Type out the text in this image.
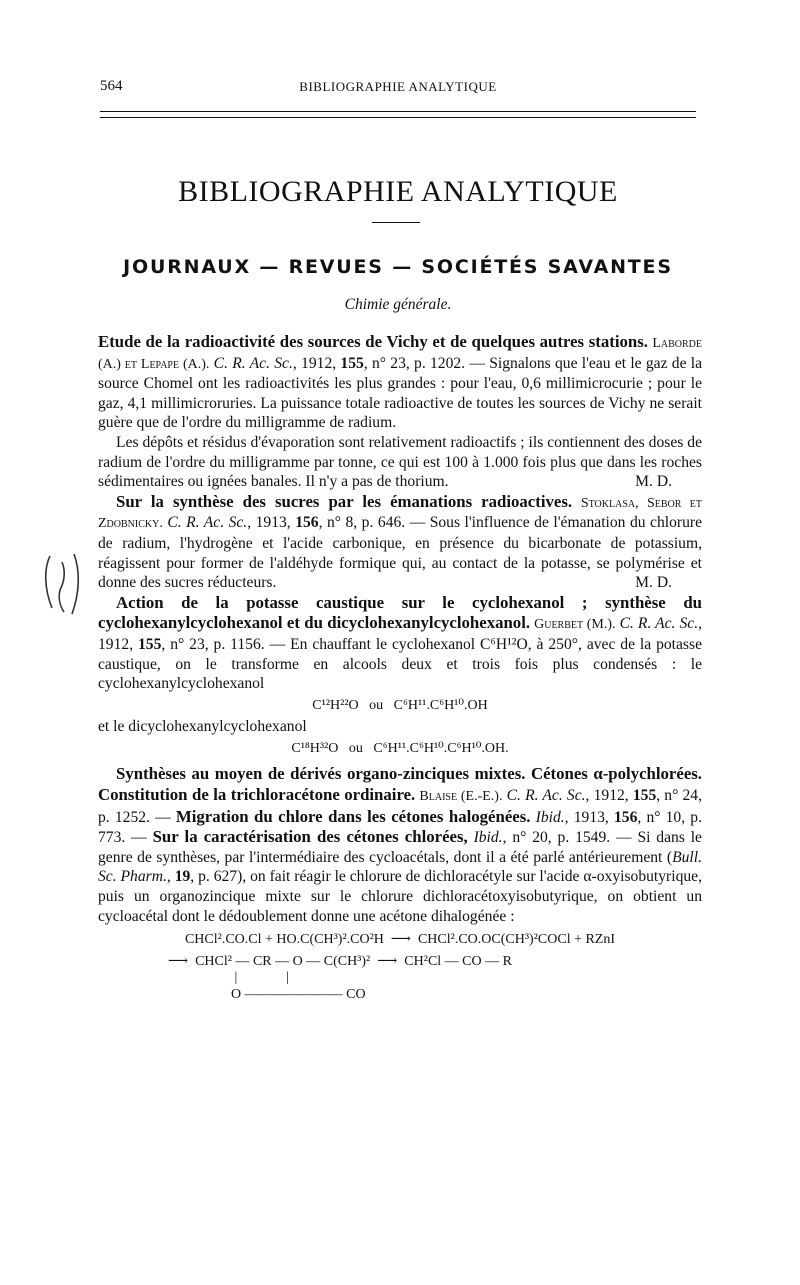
564	BIBLIOGRAPHIE ANALYTIQUE
BIBLIOGRAPHIE ANALYTIQUE
JOURNAUX — REVUES — SOCIÉTÉS SAVANTES
Chimie générale.

Etude de la radioactivité des sources de Vichy et de quelques autres stations. Laborde (A.) et Lepape (A.). C. R. Ac. Sc., 1912, 155, n° 23, p. 1202. — Signalons que l'eau et le gaz de la source Chomel ont les radioactivités les plus grandes : pour l'eau, 0,6 millimicrocurie ; pour le gaz, 4,1 millimicroruries. La puissance totale radioactive de toutes les sources de Vichy ne serait guère que de l'ordre du milligramme de radium.

Les dépôts et résidus d'évaporation sont relativement radioactifs ; ils contiennent des doses de radium de l'ordre du milligramme par tonne, ce qui est 100 à 1.000 fois plus que dans les roches sédimentaires ou ignées banales. Il n'y a pas de thorium.	M. D.

Sur la synthèse des sucres par les émanations radioactives. Stoklasa, Sebor et Zdobnicky. C. R. Ac. Sc., 1913, 156, n° 8, p. 646. — Sous l'influence de l'émanation du chlorure de radium, l'hydrogène et l'acide carbonique, en présence du bicarbonate de potassium, réagissent pour former de l'aldéhyde formique qui, au contact de la potasse, se polymérise et donne des sucres réducteurs.	M. D.

Action de la potasse caustique sur le cyclohexanol ; synthèse du cyclohexanylcyclohexanol et du dicyclohexanylcyclohexanol. Guerbet (M.). C. R. Ac. Sc., 1912, 155, n° 23, p. 1156. — En chauffant le cyclohexanol C⁶H¹²O, à 250°, avec de la potasse caustique, on le transforme en alcools deux et trois fois plus condensés : le cyclohexanylcyclohexanol

C¹²H²²O   ou   C⁶H¹¹.C⁶H¹⁰.OH

et le dicyclohexanylcyclohexanol

C¹⁸H³²O   ou   C⁶H¹¹.C⁶H¹⁰.C⁶H¹⁰.OH.

Synthèses au moyen de dérivés organo-zinciques mixtes. Cétones α-polychlorées. Constitution de la trichloracétone ordinaire. Blaise (E.-E.). C. R. Ac. Sc., 1912, 155, n° 24, p. 1252. — Migration du chlore dans les cétones halogénées. Ibid., 1913, 156, n° 10, p. 773. — Sur la caractérisation des cétones chlorées, Ibid., n° 20, p. 1549. — Si dans le genre de synthèses, par l'intermédiaire des cycloacétals, dont il a été parlé antérieurement (Bull. Sc. Pharm., 19, p. 627), on fait réagir le chlorure de dichloracétyle sur l'acide α-oxyisobutyrique, puis un organozincique mixte sur le chlorure dichloracétoxyisobutyrique, on obtient un cycloacétal dont le dédoublement donne une acétone dihalogénée :

CHCl².CO.Cl + HO.C(CH³)².CO²H  ⟶  CHCl².CO.OC(CH³)²COCl + RZnI
⟶  CHCl² — CR — O — C(CH³)²  ⟶  CH²Cl — CO — R
|              |
O ——————— CO
